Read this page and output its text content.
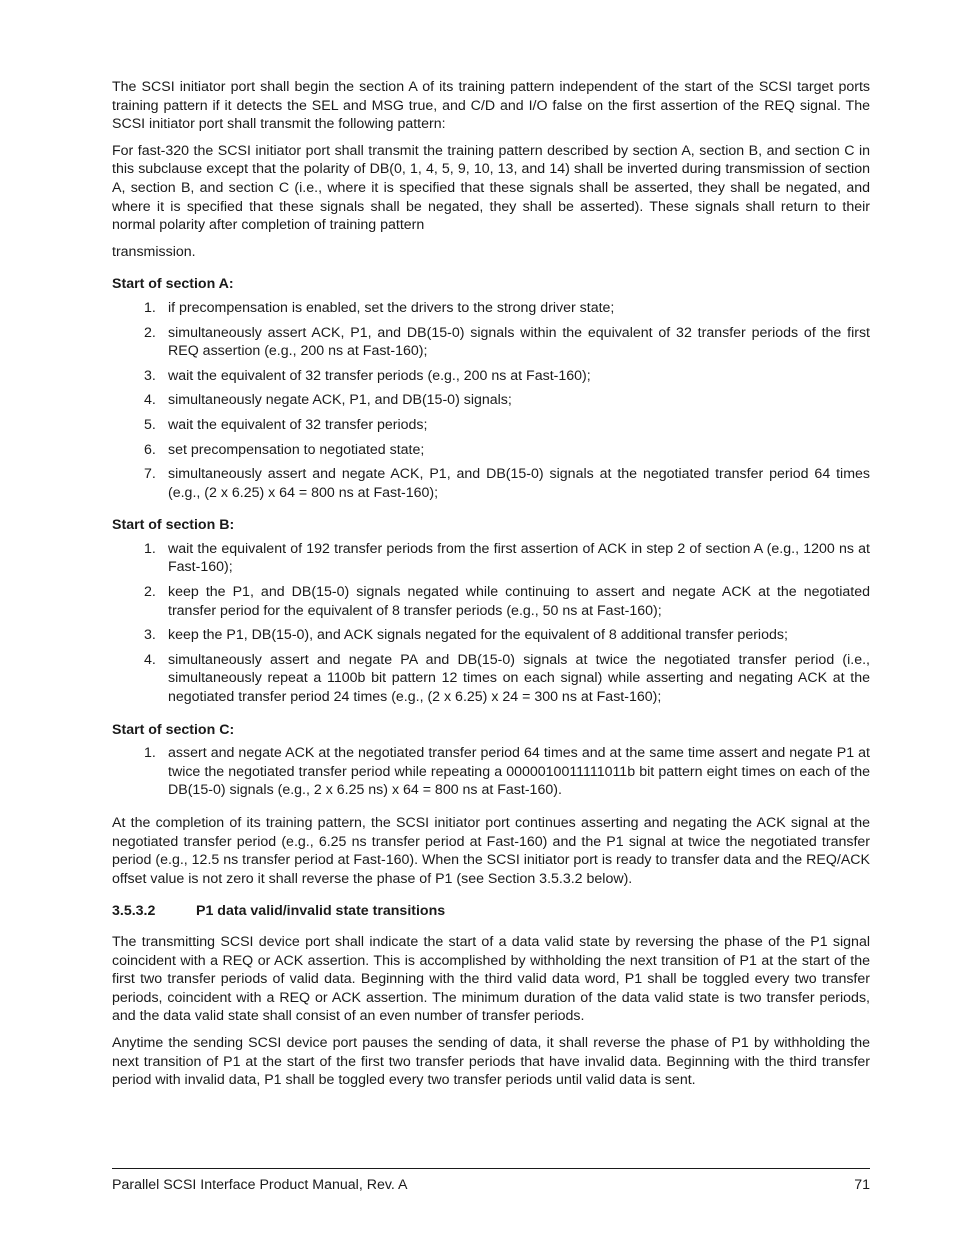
The SCSI initiator port shall begin the section A of its training pattern independent of the start of the SCSI target ports training pattern if it detects the SEL and MSG true, and C/D and I/O false on the first assertion of the REQ signal. The SCSI initiator port shall transmit the following pattern:

For fast-320 the SCSI initiator port shall transmit the training pattern described by section A, section B, and section C in this subclause except that the polarity of DB(0, 1, 4, 5, 9, 10, 13, and 14) shall be inverted during transmission of section A, section B, and section C (i.e., where it is specified that these signals shall be asserted, they shall be negated, and where it is specified that these signals shall be negated, they shall be asserted). These signals shall return to their normal polarity after completion of training pattern

transmission.

Start of section A:
1. if precompensation is enabled, set the drivers to the strong driver state;
2. simultaneously assert ACK, P1, and DB(15-0) signals within the equivalent of 32 transfer periods of the first REQ assertion (e.g., 200 ns at Fast-160);
3. wait the equivalent of 32 transfer periods (e.g., 200 ns at Fast-160);
4. simultaneously negate ACK, P1, and DB(15-0) signals;
5. wait the equivalent of 32 transfer periods;
6. set precompensation to negotiated state;
7. simultaneously assert and negate ACK, P1, and DB(15-0) signals at the negotiated transfer period 64 times (e.g., (2 x 6.25) x 64 = 800 ns at Fast-160);
Start of section B:
1. wait the equivalent of 192 transfer periods from the first assertion of ACK in step 2 of section A (e.g., 1200 ns at Fast-160);
2. keep the P1, and DB(15-0) signals negated while continuing to assert and negate ACK at the negotiated transfer period for the equivalent of 8 transfer periods (e.g., 50 ns at Fast-160);
3. keep the P1, DB(15-0), and ACK signals negated for the equivalent of 8 additional transfer periods;
4. simultaneously assert and negate PA and DB(15-0) signals at twice the negotiated transfer period (i.e., simultaneously repeat a 1100b bit pattern 12 times on each signal) while asserting and negating ACK at the negotiated transfer period 24 times (e.g., (2 x 6.25) x 24 = 300 ns at Fast-160);
Start of section C:
1. assert and negate ACK at the negotiated transfer period 64 times and at the same time assert and negate P1 at twice the negotiated transfer period while repeating a 0000010011111011b bit pattern eight times on each of the DB(15-0) signals (e.g., 2 x 6.25 ns) x 64 = 800 ns at Fast-160).

At the completion of its training pattern, the SCSI initiator port continues asserting and negating the ACK signal at the negotiated transfer period (e.g., 6.25 ns transfer period at Fast-160) and the P1 signal at twice the negotiated transfer period (e.g., 12.5 ns transfer period at Fast-160). When the SCSI initiator port is ready to transfer data and the REQ/ACK offset value is not zero it shall reverse the phase of P1 (see Section 3.5.3.2 below).

3.5.3.2	P1 data valid/invalid state transitions

The transmitting SCSI device port shall indicate the start of a data valid state by reversing the phase of the P1 signal coincident with a REQ or ACK assertion. This is accomplished by withholding the next transition of P1 at the start of the first two transfer periods of valid data. Beginning with the third valid data word, P1 shall be toggled every two transfer periods, coincident with a REQ or ACK assertion. The minimum duration of the data valid state is two transfer periods, and the data valid state shall consist of an even number of transfer periods.

Anytime the sending SCSI device port pauses the sending of data, it shall reverse the phase of P1 by withholding the next transition of P1 at the start of the first two transfer periods that have invalid data. Beginning with the third transfer period with invalid data, P1 shall be toggled every two transfer periods until valid data is sent.

Parallel SCSI Interface Product Manual, Rev. A	71
